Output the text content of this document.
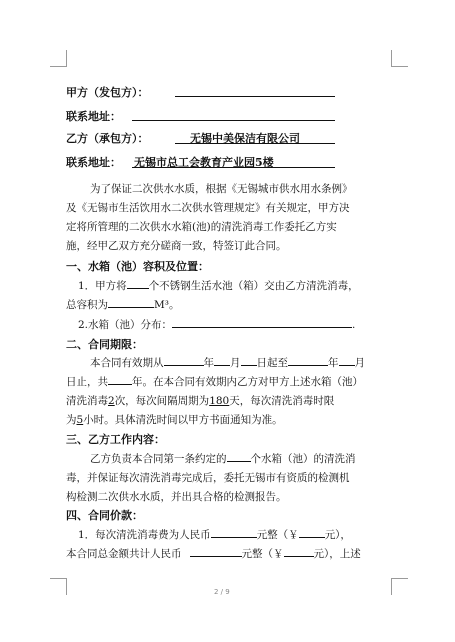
甲方（发包方）：
联系地址：
乙方（承包方）：	无锡中美保洁有限公司
联系地址： 无锡市总工会教育产业园5楼
为了保证二次供水水质，根据《无锡城市供水用水条例》
及《无锡市生活饮用水二次供水管理规定》有关规定，甲方决
定将所管理的二次供水水箱(池)的清洗消毒工作委托乙方实
施，经甲乙双方充分磋商一致，特签订此合同。
一、水箱（池）容积及位置：
1．甲方将 个不锈钢生活水池（箱）交由乙方清洗消毒，
总容积为	M³。
2.水箱（池）分布：	.
二、合同期限：
本合同有效期从	年 月 日起至	年 月
日止，共 年。在本合同有效期内乙方对甲方上述水箱（池）
清洗消毒2次，每次间隔周期为180天，每次清洗消毒时限
为5小时。具体清洗时间以甲方书面通知为准。
三、乙方工作内容：
乙方负责本合同第一条约定的 个水箱（池）的清洗消
毒，并保证每次清洗消毒完成后，委托无锡市有资质的检测机
构检测二次供水水质，并出具合格的检测报告。
四、合同价款：
1．每次清洗消毒费为人民币	元整（￥ 元），
本合同总金额共计人民币	元整（￥	元），上述
2 / 9
